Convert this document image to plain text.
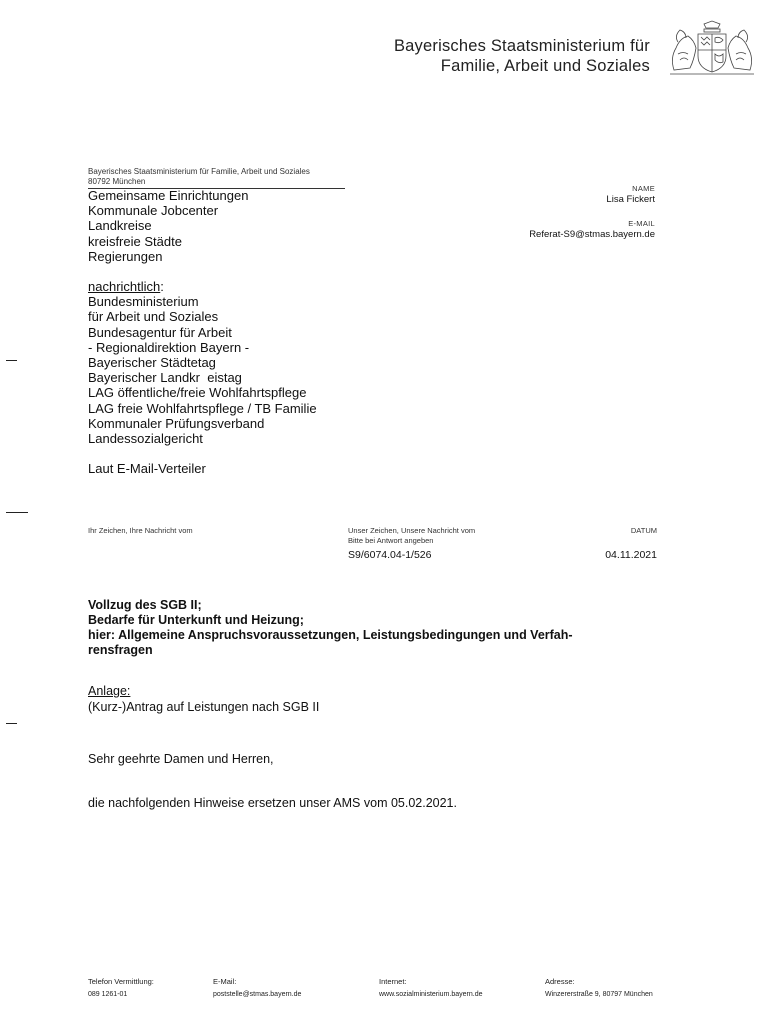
Bayerisches Staatsministerium für
Familie, Arbeit und Soziales
Bayerisches Staatsministerium für Familie, Arbeit und Soziales
80792 München
Gemeinsame Einrichtungen
Kommunale Jobcenter
Landkreise
kreisfreie Städte
Regierungen
nachrichtlich:
Bundesministerium
für Arbeit und Soziales
Bundesagentur für Arbeit
- Regionaldirektion Bayern -
Bayerischer Städtetag
Bayerischer Landkr  eistag
LAG öffentliche/freie Wohlfahrtspflege
LAG freie Wohlfahrtspflege / TB Familie
Kommunaler Prüfungsverband
Landessozialgericht
Laut E-Mail-Verteiler
NAME
Lisa Fickert
E-MAIL
Referat-S9@stmas.bayern.de
Ihr Zeichen, Ihre Nachricht vom	Unser Zeichen, Unsere Nachricht vom
Bitte bei Antwort angeben
S9/6074.04-1/526
DATUM
04.11.2021
Vollzug des SGB II;
Bedarfe für Unterkunft und Heizung;
hier: Allgemeine Anspruchsvoraussetzungen, Leistungsbedingungen und Verfah-
rensfragen
Anlage:
(Kurz-)Antrag auf Leistungen nach SGB II
Sehr geehrte Damen und Herren,
die nachfolgenden Hinweise ersetzen unser AMS vom 05.02.2021.
Telefon Vermittlung:
089 1261-01
E-Mail:
poststelle@stmas.bayern.de
Internet:
www.sozialministerium.bayern.de
Adresse:
Winzererstraße 9, 80797 München
